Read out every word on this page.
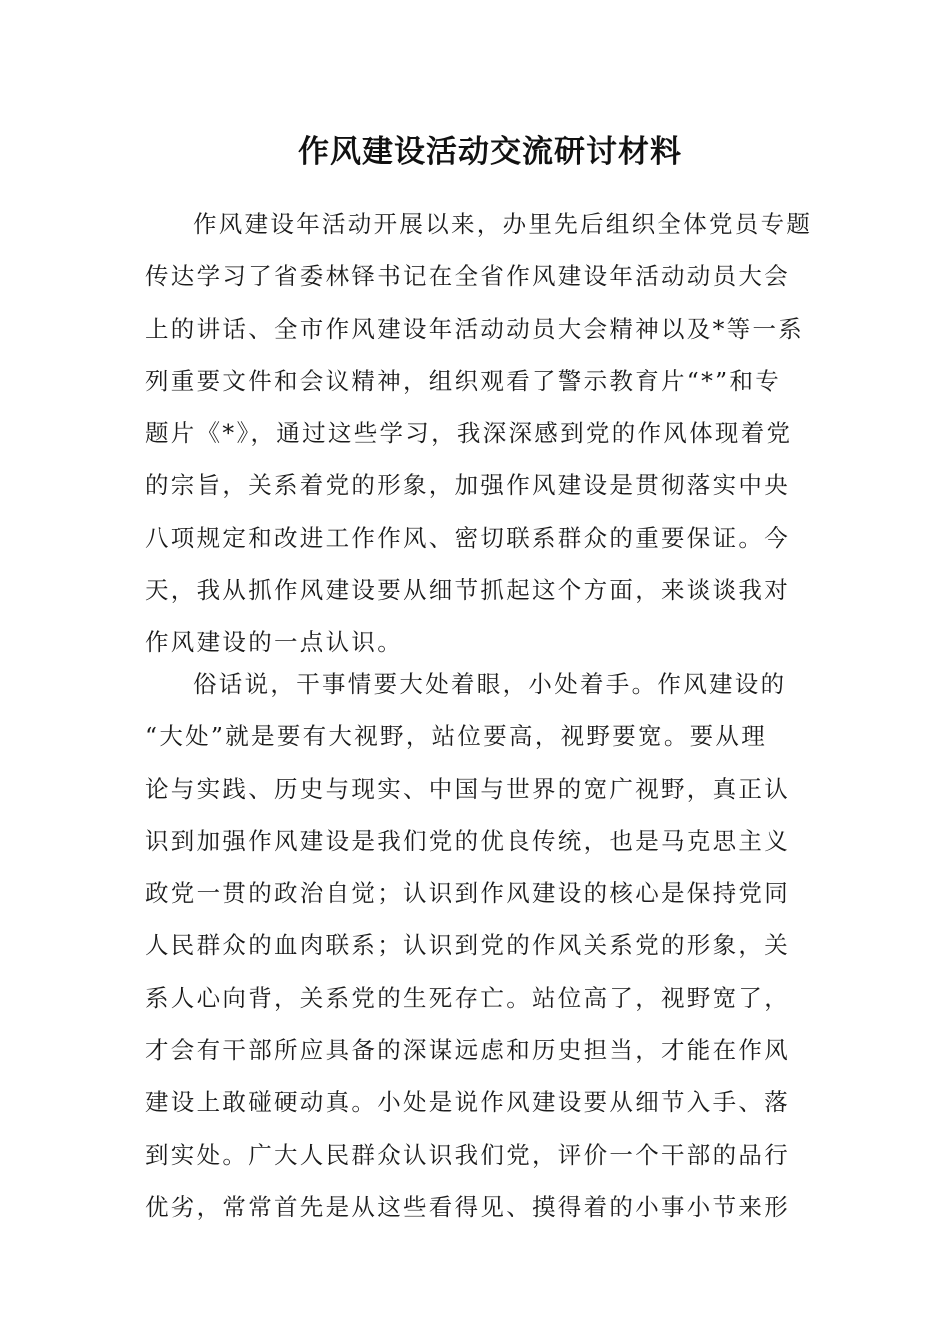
作风建设活动交流研讨材料
作风建设年活动开展以来，办里先后组织全体党员专题
传达学习了省委林铎书记在全省作风建设年活动动员大会
上的讲话、全市作风建设年活动动员大会精神以及*等一系
列重要文件和会议精神，组织观看了警示教育片“*”和专
题片《*》，通过这些学习，我深深感到党的作风体现着党
的宗旨，关系着党的形象，加强作风建设是贯彻落实中央
八项规定和改进工作作风、密切联系群众的重要保证。今
天，我从抓作风建设要从细节抓起这个方面，来谈谈我对
作风建设的一点认识。
俗话说，干事情要大处着眼，小处着手。作风建设的
“大处”就是要有大视野，站位要高，视野要宽。要从理
论与实践、历史与现实、中国与世界的宽广视野，真正认
识到加强作风建设是我们党的优良传统，也是马克思主义
政党一贯的政治自觉；认识到作风建设的核心是保持党同
人民群众的血肉联系；认识到党的作风关系党的形象，关
系人心向背，关系党的生死存亡。站位高了，视野宽了，
才会有干部所应具备的深谋远虑和历史担当，才能在作风
建设上敢碰硬动真。小处是说作风建设要从细节入手、落
到实处。广大人民群众认识我们党，评价一个干部的品行
优劣，常常首先是从这些看得见、摸得着的小事小节来形
